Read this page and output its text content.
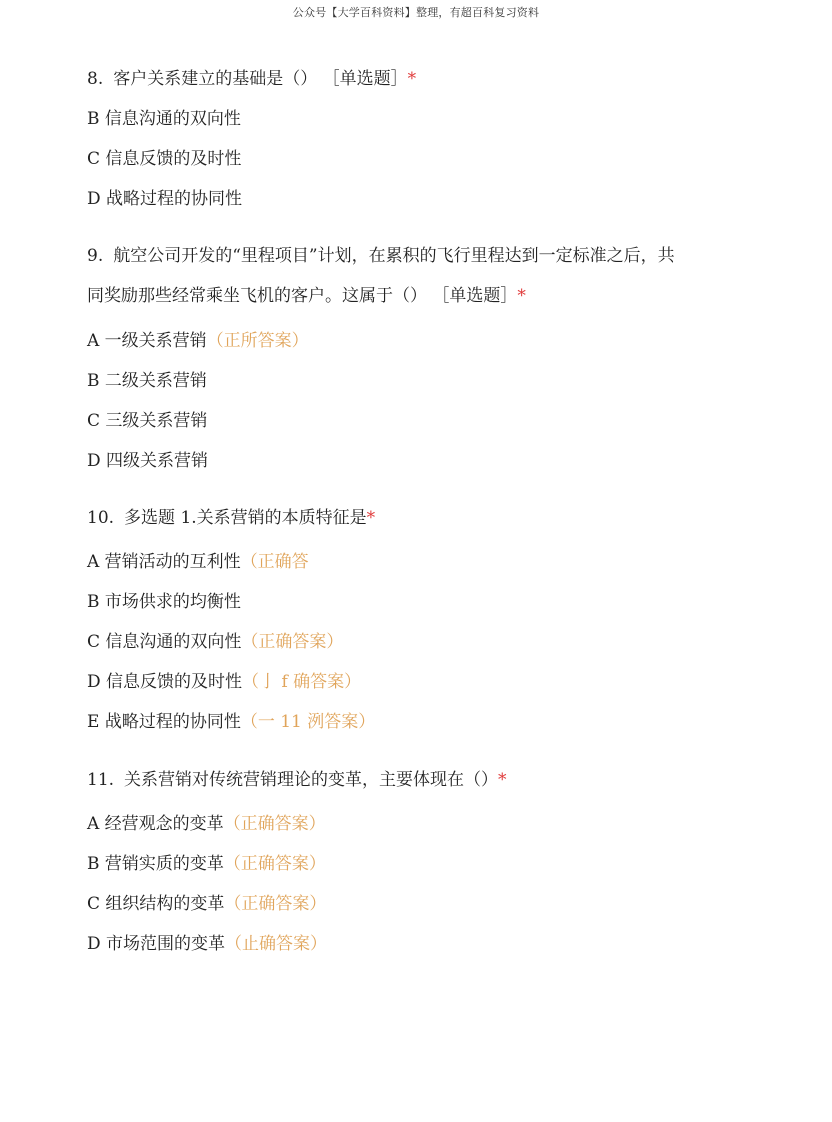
公众号【大学百科资料】整理，有超百科复习资料
8. 客户关系建立的基础是（） ［单选题］*
B 信息沟通的双向性
C 信息反馈的及时性
D 战略过程的协同性
9. 航空公司开发的“里程项目”计划，在累积的飞行里程达到一定标准之后，共
同奖励那些经常乘坐飞机的客户。这属于（） ［单选题］*
A 一级关系营销（正所答案）
B 二级关系营销
C 三级关系营销
D 四级关系营销
10. 多选题 1.关系营销的本质特征是*
A 营销活动的互利性（正确答
B 市场供求的均衡性
C 信息沟通的双向性（正确答案）
D 信息反馈的及时性（亅 f 确答案）
E 战略过程的协同性（一 11 洌答案）
11. 关系营销对传统营销理论的变革，主要体现在（）*
A 经营观念的变革（正确答案）
B 营销实质的变革（正确答案）
C 组织结构的变革（正确答案）
D 市场范围的变革（止确答案）
